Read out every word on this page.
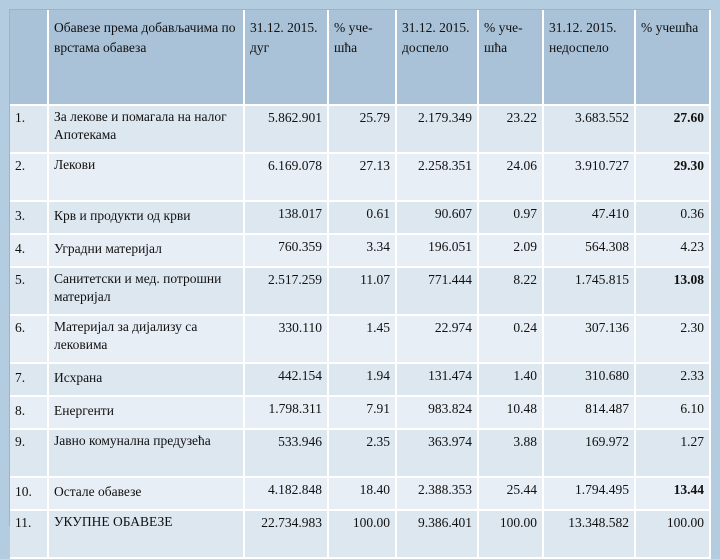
	Обавезе према добављачима по врстама обавеза	31.12. 2015. дуг	% уче-шћа	31.12. 2015. доспело	% уче-шћа	31.12. 2015. недоспело	% учешћа
1.	За лекове и помагала на налог Апотекама	5.862.901	25.79	2.179.349	23.22	3.683.552	27.60
2.	Лекови	6.169.078	27.13	2.258.351	24.06	3.910.727	29.30
3.	Крв и продукти од крви	138.017	0.61	90.607	0.97	47.410	0.36
4.	Уградни материјал	760.359	3.34	196.051	2.09	564.308	4.23
5.	Санитетски и мед. потрошни материјал	2.517.259	11.07	771.444	8.22	1.745.815	13.08
6.	Материјал за дијализу са лековима	330.110	1.45	22.974	0.24	307.136	2.30
7.	Исхрана	442.154	1.94	131.474	1.40	310.680	2.33
8.	Енергенти	1.798.311	7.91	983.824	10.48	814.487	6.10
9.	Јавно комунална предузећа	533.946	2.35	363.974	3.88	169.972	1.27
10.	Остале обавезе	4.182.848	18.40	2.388.353	25.44	1.794.495	13.44
11.	УКУПНЕ ОБАВЕЗЕ	22.734.983	100.00	9.386.401	100.00	13.348.582	100.00
